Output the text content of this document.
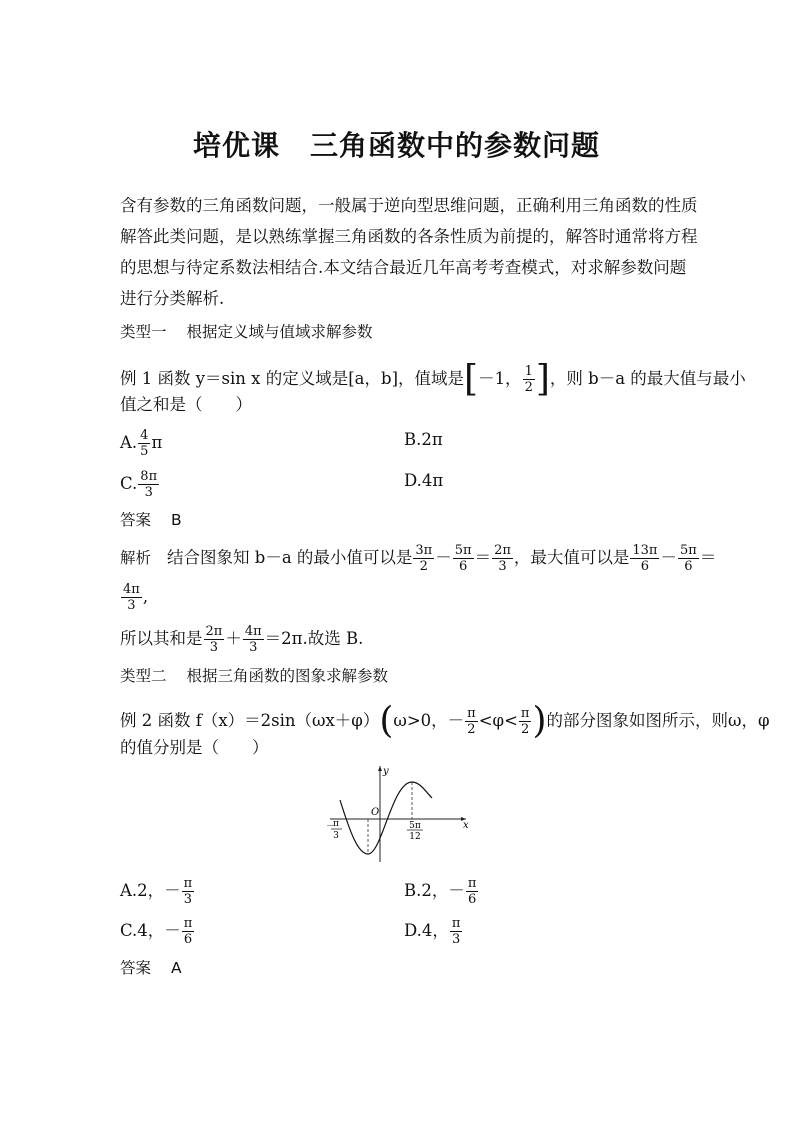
培优课 三角函数中的参数问题
含有参数的三角函数问题，一般属于逆向型思维问题，正确利用三角函数的性质
解答此类问题，是以熟练掌握三角函数的各条性质为前提的，解答时通常将方程
的思想与待定系数法相结合.本文结合最近几年高考考查模式，对求解参数问题
进行分类解析.
类型一 根据定义域与值域求解参数
例 1 函数 y＝sin x 的定义域是[a，b]，值域是[－1， $\frac{1}{2}$ ]，则 b－a 的最大值与最小
值之和是（　　）
A. $\frac{4}{5}$ π	B.2π
C. $\frac{8\pi}{3}$	D.4π
答案 B
解析 结合图象知 b－a 的最小值可以是 $\frac{3\pi}{2} - \frac{5\pi}{6} = \frac{2\pi}{3}$ ，最大值可以是 $\frac{13\pi}{6} - \frac{5\pi}{6}$ ＝
$\frac{4\pi}{3}$ ,
所以其和是 $\frac{2\pi}{3} + \frac{4\pi}{3} =2\pi$.故选 B.
类型二 根据三角函数的图象求解参数
例 2 函数 f（x）＝2sin（ωx＋φ）(ω>0，－ $\frac{\pi}{2} <\varphi< \frac{\pi}{2}$ )的部分图象如图所示，则ω，φ
的值分别是（　　）
y
x
O
－
π
3
5π
12
A.2，－ $\frac{\pi}{3}$	B.2，－ $\frac{\pi}{6}$
C.4，－ $\frac{\pi}{6}$	D.4， $\frac{\pi}{3}$
答案 A
